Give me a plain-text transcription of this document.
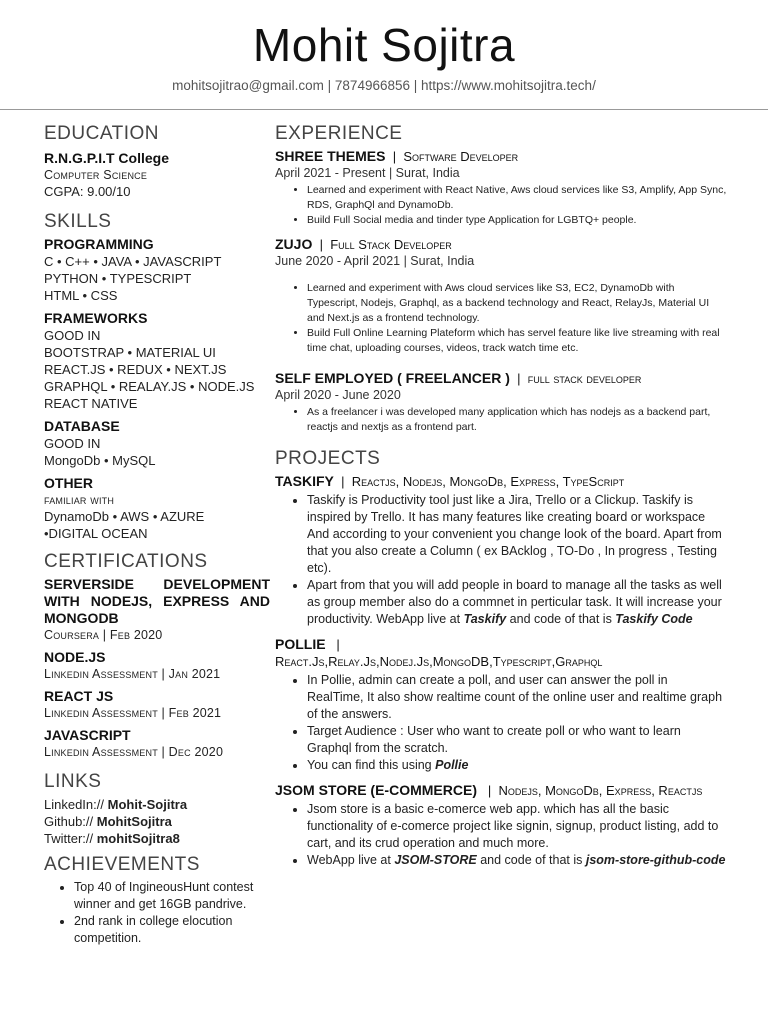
Mohit Sojitra
mohitsojitrao@gmail.com | 7874966856 | https://www.mohitsojitra.tech/
EDUCATION
R.N.G.P.I.T College
Computer Science
CGPA: 9.00/10
SKILLS
PROGRAMMING
C • C++ • JAVA • JAVASCRIPT
PYTHON • TYPESCRIPT
HTML • CSS
FRAMEWORKS
GOOD IN
BOOTSTRAP • MATERIAL UI
REACT.JS • REDUX • NEXT.JS
GRAPHQL • REALAY.JS • NODE.JS
REACT NATIVE
DATABASE
GOOD IN
MongoDb • MySQL
OTHER
familiar with
DynamoDb • AWS • AZURE
•DIGITAL OCEAN
CERTIFICATIONS
SERVERSIDE DEVELOPMENT WITH NODEJS, EXPRESS AND MONGODB
Coursera | Feb 2020
NODE.JS
Linkedin Assessment | Jan 2021
REACT JS
Linkedin Assessment | Feb 2021
JAVASCRIPT
Linkedin Assessment | Dec 2020
LINKS
LinkedIn:// Mohit-Sojitra
Github:// MohitSojitra
Twitter:// mohitSojitra8
ACHIEVEMENTS
• Top 40 of IngineousHunt contest winner and get 16GB pandrive.
• 2nd rank in college elocution competition.
EXPERIENCE
SHREE THEMES  |  Software Developer
April 2021 - Present | Surat, India
• Learned and experiment with React Native, Aws cloud services like S3, Amplify, App Sync, RDS, GraphQl and DynamoDb.
• Build Full Social media and tinder type Application for LGBTQ+ people.
ZUJO  |  Full Stack Developer
June 2020 - April 2021 | Surat, India
• Learned and experiment with Aws cloud services like S3, EC2, DynamoDb with Typescript, Nodejs, Graphql, as a backend technology and React, RelayJs, Material UI and Next.js as a frontend technology.
• Build Full Online Learning Plateform which has servel feature like live streaming with real time chat, uploading courses, videos, track watch time etc.
SELF EMPLOYED ( FREELANCER )  |  full stack developer
April 2020 - June 2020
• As a freelancer i was developed many application which has nodejs as a backend part, reactjs and nextjs as a frontend part.
PROJECTS
TASKIFY  |  Reactjs, Nodejs, MongoDb, Express, TypeScript
• Taskify is Productivity tool just like a Jira, Trello or a Clickup. Taskify is inspired by Trello. It has many features like creating board or workspace And according to your convenient you change look of the board. Apart from that you also create a Column ( ex BAcklog , TO-Do , In progress , Testing etc).
• Apart from that you will add people in board to manage all the tasks as well as group member also do a commnet in perticular task. It will increase your productivity. WebApp live at Taskify and code of that is Taskify Code
POLLIE   |
React.Js,Relay.Js,Nodej.Js,MongoDB,Typescript,Graphql
• In Pollie, admin can create a poll, and user can answer the poll in RealTime, It also show realtime count of the online user and realtime graph of the answers.
• Target Audience : User who want to create poll or who want to learn Graphql from the scratch.
• You can find this using Pollie
JSOM STORE (E-COMMERCE)   |  Nodejs, MongoDb, Express, Reactjs
• Jsom store is a basic e-comerce web app. which has all the basic functionality of e-comerce project like signin, signup, product listing, add to cart, and its crud operation and much more.
• WebApp live at JSOM-STORE and code of that is jsom-store-github-code
